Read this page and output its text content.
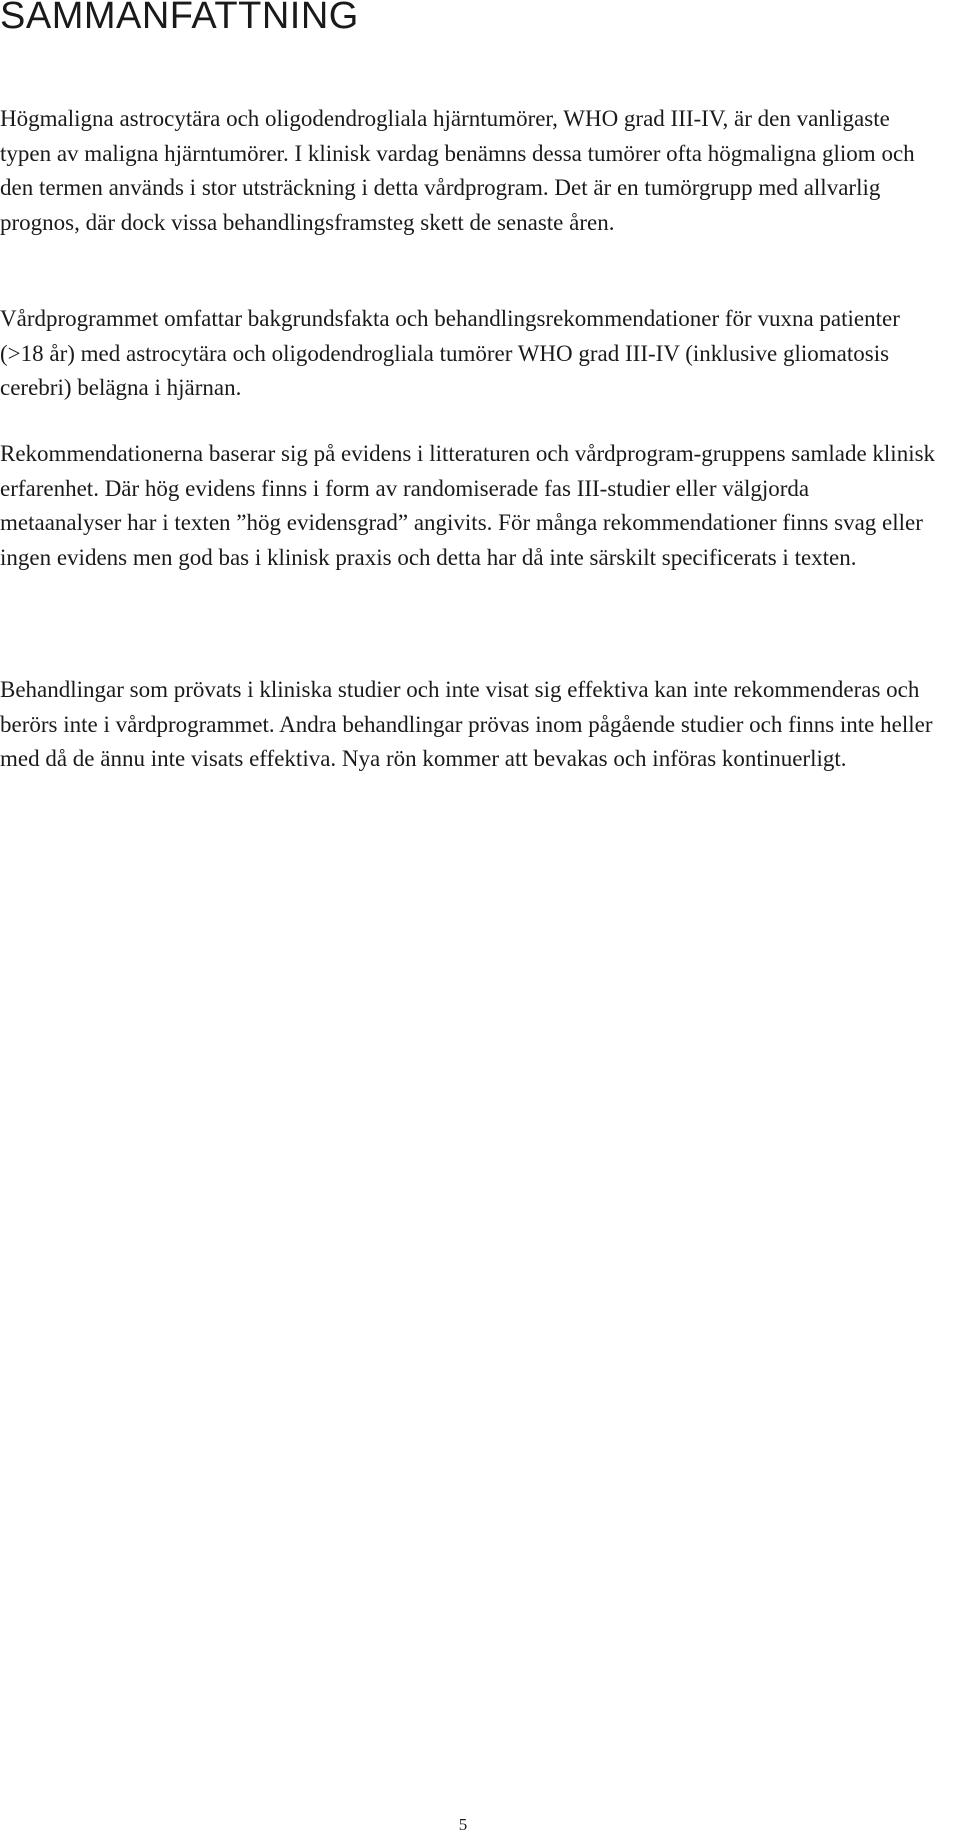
SAMMANFATTNING

Högmaligna astrocytära och oligodendrogliala hjärntumörer, WHO grad III-IV, är den vanligaste typen av maligna hjärntumörer. I klinisk vardag benämns dessa tumörer ofta högmaligna gliom och den termen används i stor utsträckning i detta vårdprogram. Det är en tumörgrupp med allvarlig prognos, där dock vissa behandlingsframsteg skett de senaste åren.

Vårdprogrammet omfattar bakgrundsfakta och behandlingsrekommendationer för vuxna patienter (>18 år) med astrocytära och oligodendrogliala tumörer WHO grad III-IV (inklusive gliomatosis cerebri) belägna i hjärnan.

Rekommendationerna baserar sig på evidens i litteraturen och vårdprogram-gruppens samlade klinisk erfarenhet. Där hög evidens finns i form av randomiserade fas III-studier eller välgjorda metaanalyser har i texten ”hög evidensgrad” angivits. För många rekommendationer finns svag eller ingen evidens men god bas i klinisk praxis och detta har då inte särskilt specificerats i texten.

Behandlingar som prövats i kliniska studier och inte visat sig effektiva kan inte rekommenderas och berörs inte i vårdprogrammet. Andra behandlingar prövas inom pågående studier och finns inte heller med då de ännu inte visats effektiva. Nya rön kommer att bevakas och införas kontinuerligt.

5
